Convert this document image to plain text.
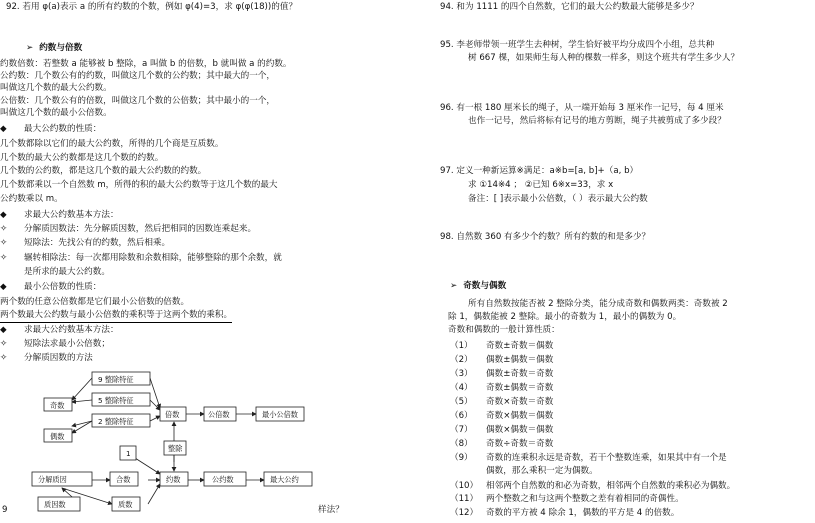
92. 若用 φ(a)表示 a 的所有约数的个数，例如 φ(4)=3，求 φ(φ(18))的值？
➢  约数与倍数
约数倍数：若整数 a 能够被 b 整除，a 叫做 b 的倍数，b 就叫做 a 的约数。
公约数：几个数公有的约数，叫做这几个数的公约数；其中最大的一个，
叫做这几个数的最大公约数。
公倍数：几个数公有的倍数，叫做这几个数的公倍数；其中最小的一个，
叫做这几个数的最小公倍数。
◆ 最大公约数的性质：
几个数都除以它们的最大公约数，所得的几个商是互质数。
几个数的最大公约数都是这几个数的约数。
几个数的公约数，都是这几个数的最大公约数的约数。
几个数都乘以一个自然数 m，所得的积的最大公约数等于这几个数的最大
公约数乘以 m。
◆ 求最大公约数基本方法：
✧ 分解质因数法：先分解质因数，然后把相同的因数连乘起来。
✧ 短除法：先找公有的约数，然后相乘。
✧ 辗转相除法：每一次都用除数和余数相除，能够整除的那个余数，就
是所求的最大公约数。
◆ 最小公倍数的性质：
两个数的任意公倍数都是它们最小公倍数的倍数。
两个数最大公约数与最小公倍数的乘积等于这两个数的乘积。
◆ 求最大公约数基本方法：
✧ 短除法求最小公倍数；
✧ 分解质因数的方法
9 整除特征
5 整除特征
2 整除特征
奇数
偶数
倍数	公倍数	最小公倍数
整除
1
合数	约数	公约数	最大公约
分解质因
质因数	质数
9	样法？
94. 和为 1111 的四个自然数，它们的最大公约数最大能够是多少？
95. 李老师带领一班学生去种树，学生恰好被平均分成四个小组，总共种
树 667 棵，如果师生每人种的棵数一样多，则这个班共有学生多少人？
96. 有一根 180 厘米长的绳子，从一端开始每 3 厘米作一记号，每 4 厘米
也作一记号，然后将标有记号的地方剪断，绳子共被剪成了多少段？
97. 定义一种新运算※满足：a※b=[a, b]+（a, b）
求 ①14※4 ； ②已知 6※x=33，求 x
备注：[ ]表示最小公倍数，（ ）表示最大公约数
98. 自然数 360 有多少个约数？所有约数的和是多少？
➢  奇数与偶数
所有自然数按能否被 2 整除分类，能分成奇数和偶数两类：奇数被 2
除 1，偶数能被 2 整除。最小的奇数为 1，最小的偶数为 0。
奇数和偶数的一般计算性质：
（1） 奇数±奇数＝偶数
（2） 偶数±偶数＝偶数
（3） 偶数±奇数＝奇数
（4） 奇数±偶数＝奇数
（5） 奇数×奇数＝奇数
（6） 奇数×偶数＝偶数
（7） 偶数×偶数＝偶数
（8） 奇数÷奇数＝奇数
（9） 奇数的连乘积永远是奇数，若干个整数连乘，如果其中有一个是
偶数，那么乘积一定为偶数。
（10） 相邻两个自然数的和必为奇数，相邻两个自然数的乘积必为偶数。
（11） 两个整数之和与这两个整数之差有着相同的奇偶性。
（12） 奇数的平方被 4 除余 1，偶数的平方是 4 的倍数。
